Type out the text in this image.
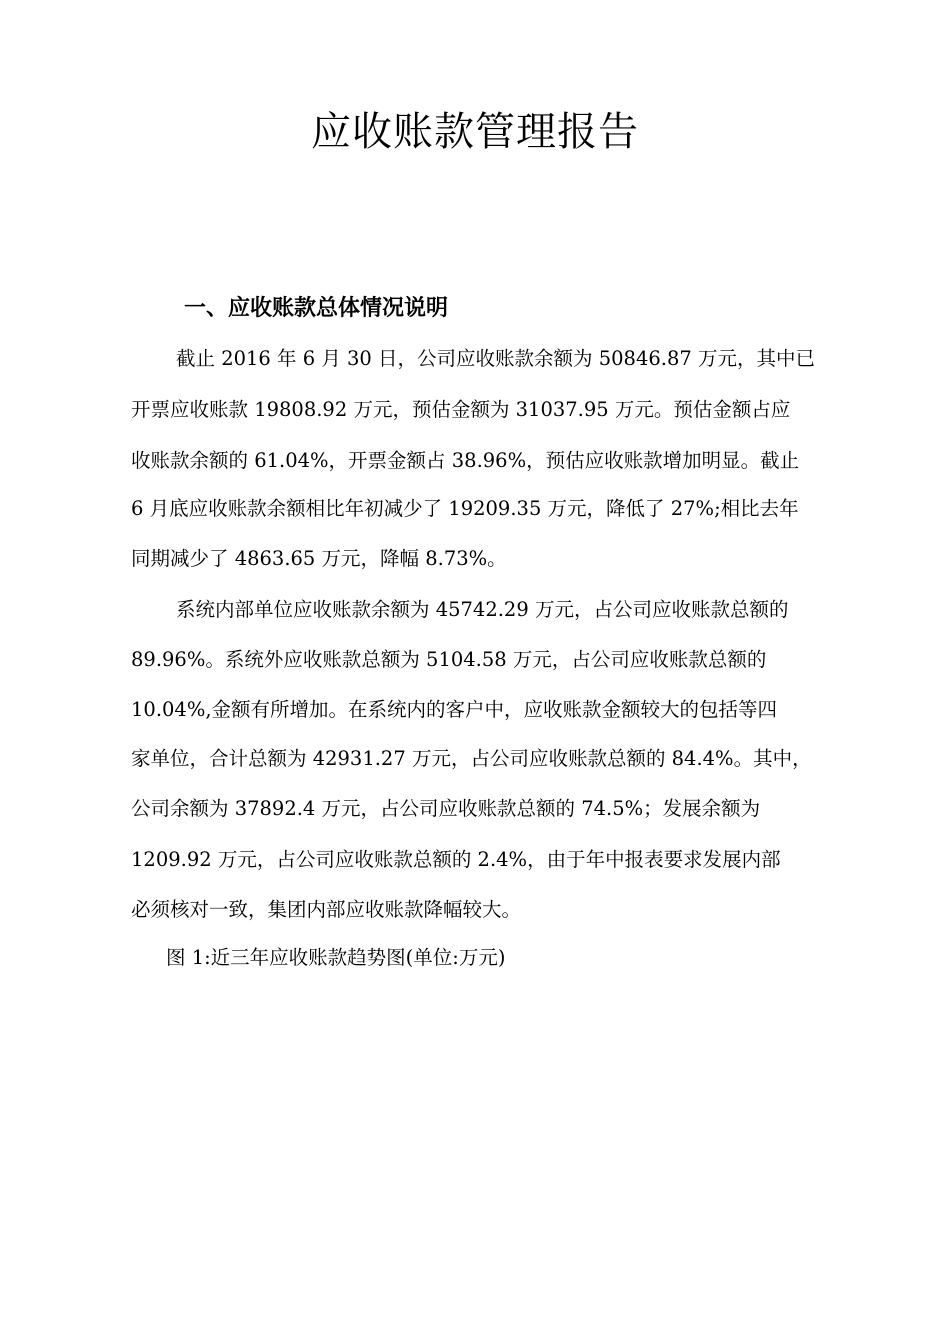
应收账款管理报告
一、应收账款总体情况说明

截止 2016 年 6 月 30 日，公司应收账款余额为 50846.87 万元，其中已

开票应收账款 19808.92 万元，预估金额为 31037.95 万元。预估金额占应

收账款余额的 61.04%，开票金额占 38.96%，预估应收账款增加明显。截止

6 月底应收账款余额相比年初减少了 19209.35 万元，降低了 27%;相比去年

同期减少了 4863.65 万元，降幅 8.73%。

系统内部单位应收账款余额为 45742.29 万元，占公司应收账款总额的

89.96%。系统外应收账款总额为 5104.58 万元，占公司应收账款总额的

10.04%,金额有所增加。在系统内的客户中，应收账款金额较大的包括等四

家单位，合计总额为 42931.27 万元，占公司应收账款总额的 84.4%。其中，

公司余额为 37892.4 万元，占公司应收账款总额的 74.5%；发展余额为

1209.92 万元，占公司应收账款总额的 2.4%，由于年中报表要求发展内部

必须核对一致，集团内部应收账款降幅较大。

图 1:近三年应收账款趋势图(单位:万元)
